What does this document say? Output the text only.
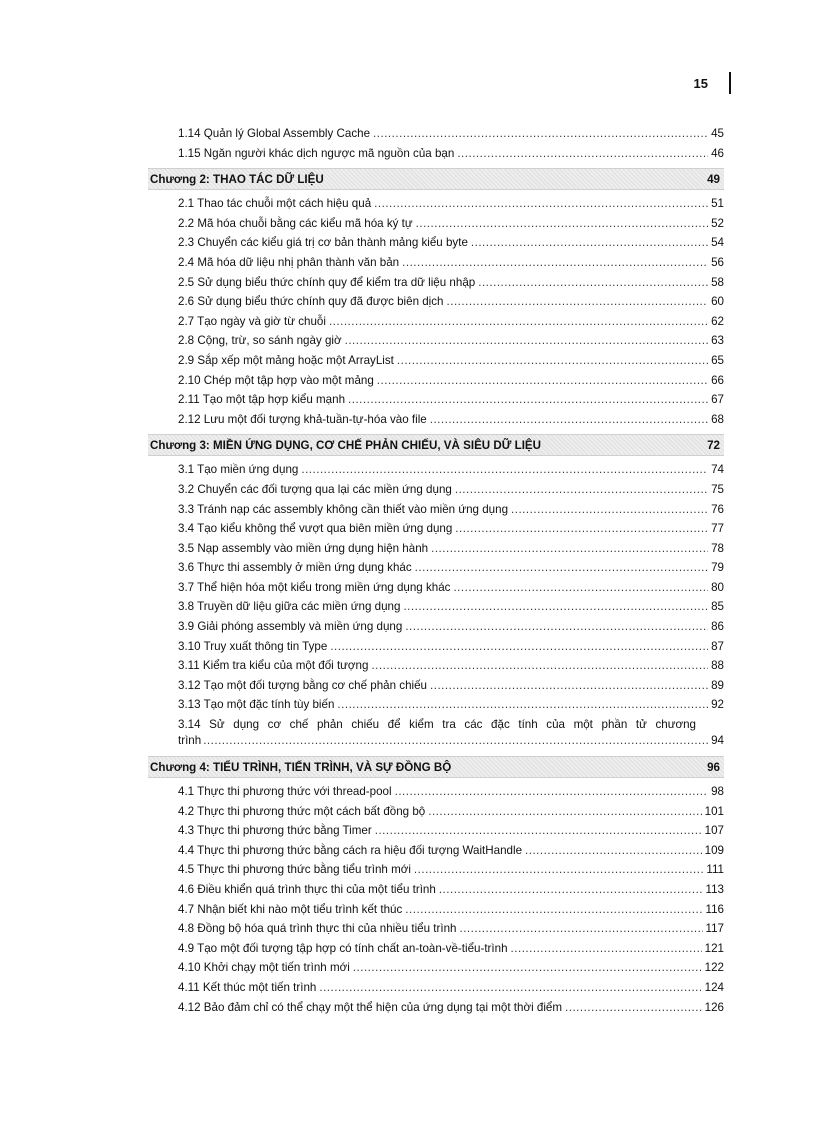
15
1.14 Quản lý Global Assembly Cache .....	45
1.15 Ngăn người khác dịch ngược mã nguồn của bạn .....	46
Chương 2: THAO TÁC DỮ LIỆU	49
2.1 Thao tác chuỗi một cách hiệu quả .....	51
2.2 Mã hóa chuỗi bằng các kiểu mã hóa ký tự .....	52
2.3 Chuyển các kiểu giá trị cơ bản thành mảng kiểu byte .....	54
2.4 Mã hóa dữ liệu nhị phân thành văn bản .....	56
2.5 Sử dụng biểu thức chính quy để kiểm tra dữ liệu nhập .....	58
2.6 Sử dụng biểu thức chính quy đã được biên dịch .....	60
2.7 Tạo ngày và giờ từ chuỗi .....	62
2.8 Cộng, trừ, so sánh ngày giờ .....	63
2.9 Sắp xếp một mảng hoặc một ArrayList .....	65
2.10 Chép một tập hợp vào một mảng .....	66
2.11 Tạo một tập hợp kiểu mạnh .....	67
2.12 Lưu một đối tượng khả-tuần-tự-hóa vào file .....	68
Chương 3: MIỀN ỨNG DỤNG, CƠ CHẾ PHẢN CHIẾU, VÀ SIÊU DỮ LIỆU	72
3.1 Tạo miền ứng dụng .....	74
3.2 Chuyển các đối tượng qua lại các miền ứng dụng .....	75
3.3 Tránh nạp các assembly không cần thiết vào miền ứng dụng .....	76
3.4 Tạo kiểu không thể vượt qua biên miền ứng dụng .....	77
3.5 Nạp assembly vào miền ứng dụng hiện hành .....	78
3.6 Thực thi assembly ở miền ứng dụng khác .....	79
3.7 Thể hiện hóa một kiểu trong miền ứng dụng khác .....	80
3.8 Truyền dữ liệu giữa các miền ứng dụng .....	85
3.9 Giải phóng assembly và miền ứng dụng .....	86
3.10 Truy xuất thông tin Type .....	87
3.11 Kiểm tra kiểu của một đối tượng .....	88
3.12 Tạo một đối tượng bằng cơ chế phản chiếu .....	89
3.13 Tạo một đặc tính tùy biến .....	92
3.14 Sử dụng cơ chế phản chiếu để kiểm tra các đặc tính của một phần tử chương
trình .....	94
Chương 4: TIỂU TRÌNH, TIẾN TRÌNH, VÀ SỰ ĐỒNG BỘ	96
4.1 Thực thi phương thức với thread-pool .....	98
4.2 Thực thi phương thức một cách bất đồng bộ .....	101
4.3 Thực thi phương thức bằng Timer .....	107
4.4 Thực thi phương thức bằng cách ra hiệu đối tượng WaitHandle .....	109
4.5 Thực thi phương thức bằng tiểu trình mới .....	111
4.6 Điều khiển quá trình thực thi của một tiểu trình .....	113
4.7 Nhận biết khi nào một tiểu trình kết thúc .....	116
4.8 Đồng bộ hóa quá trình thực thi của nhiều tiểu trình .....	117
4.9 Tạo một đối tượng tập hợp có tính chất an-toàn-về-tiểu-trình .....	121
4.10 Khởi chạy một tiến trình mới .....	122
4.11 Kết thúc một tiến trình .....	124
4.12 Bảo đảm chỉ có thể chạy một thể hiện của ứng dụng tại một thời điểm .....	126
